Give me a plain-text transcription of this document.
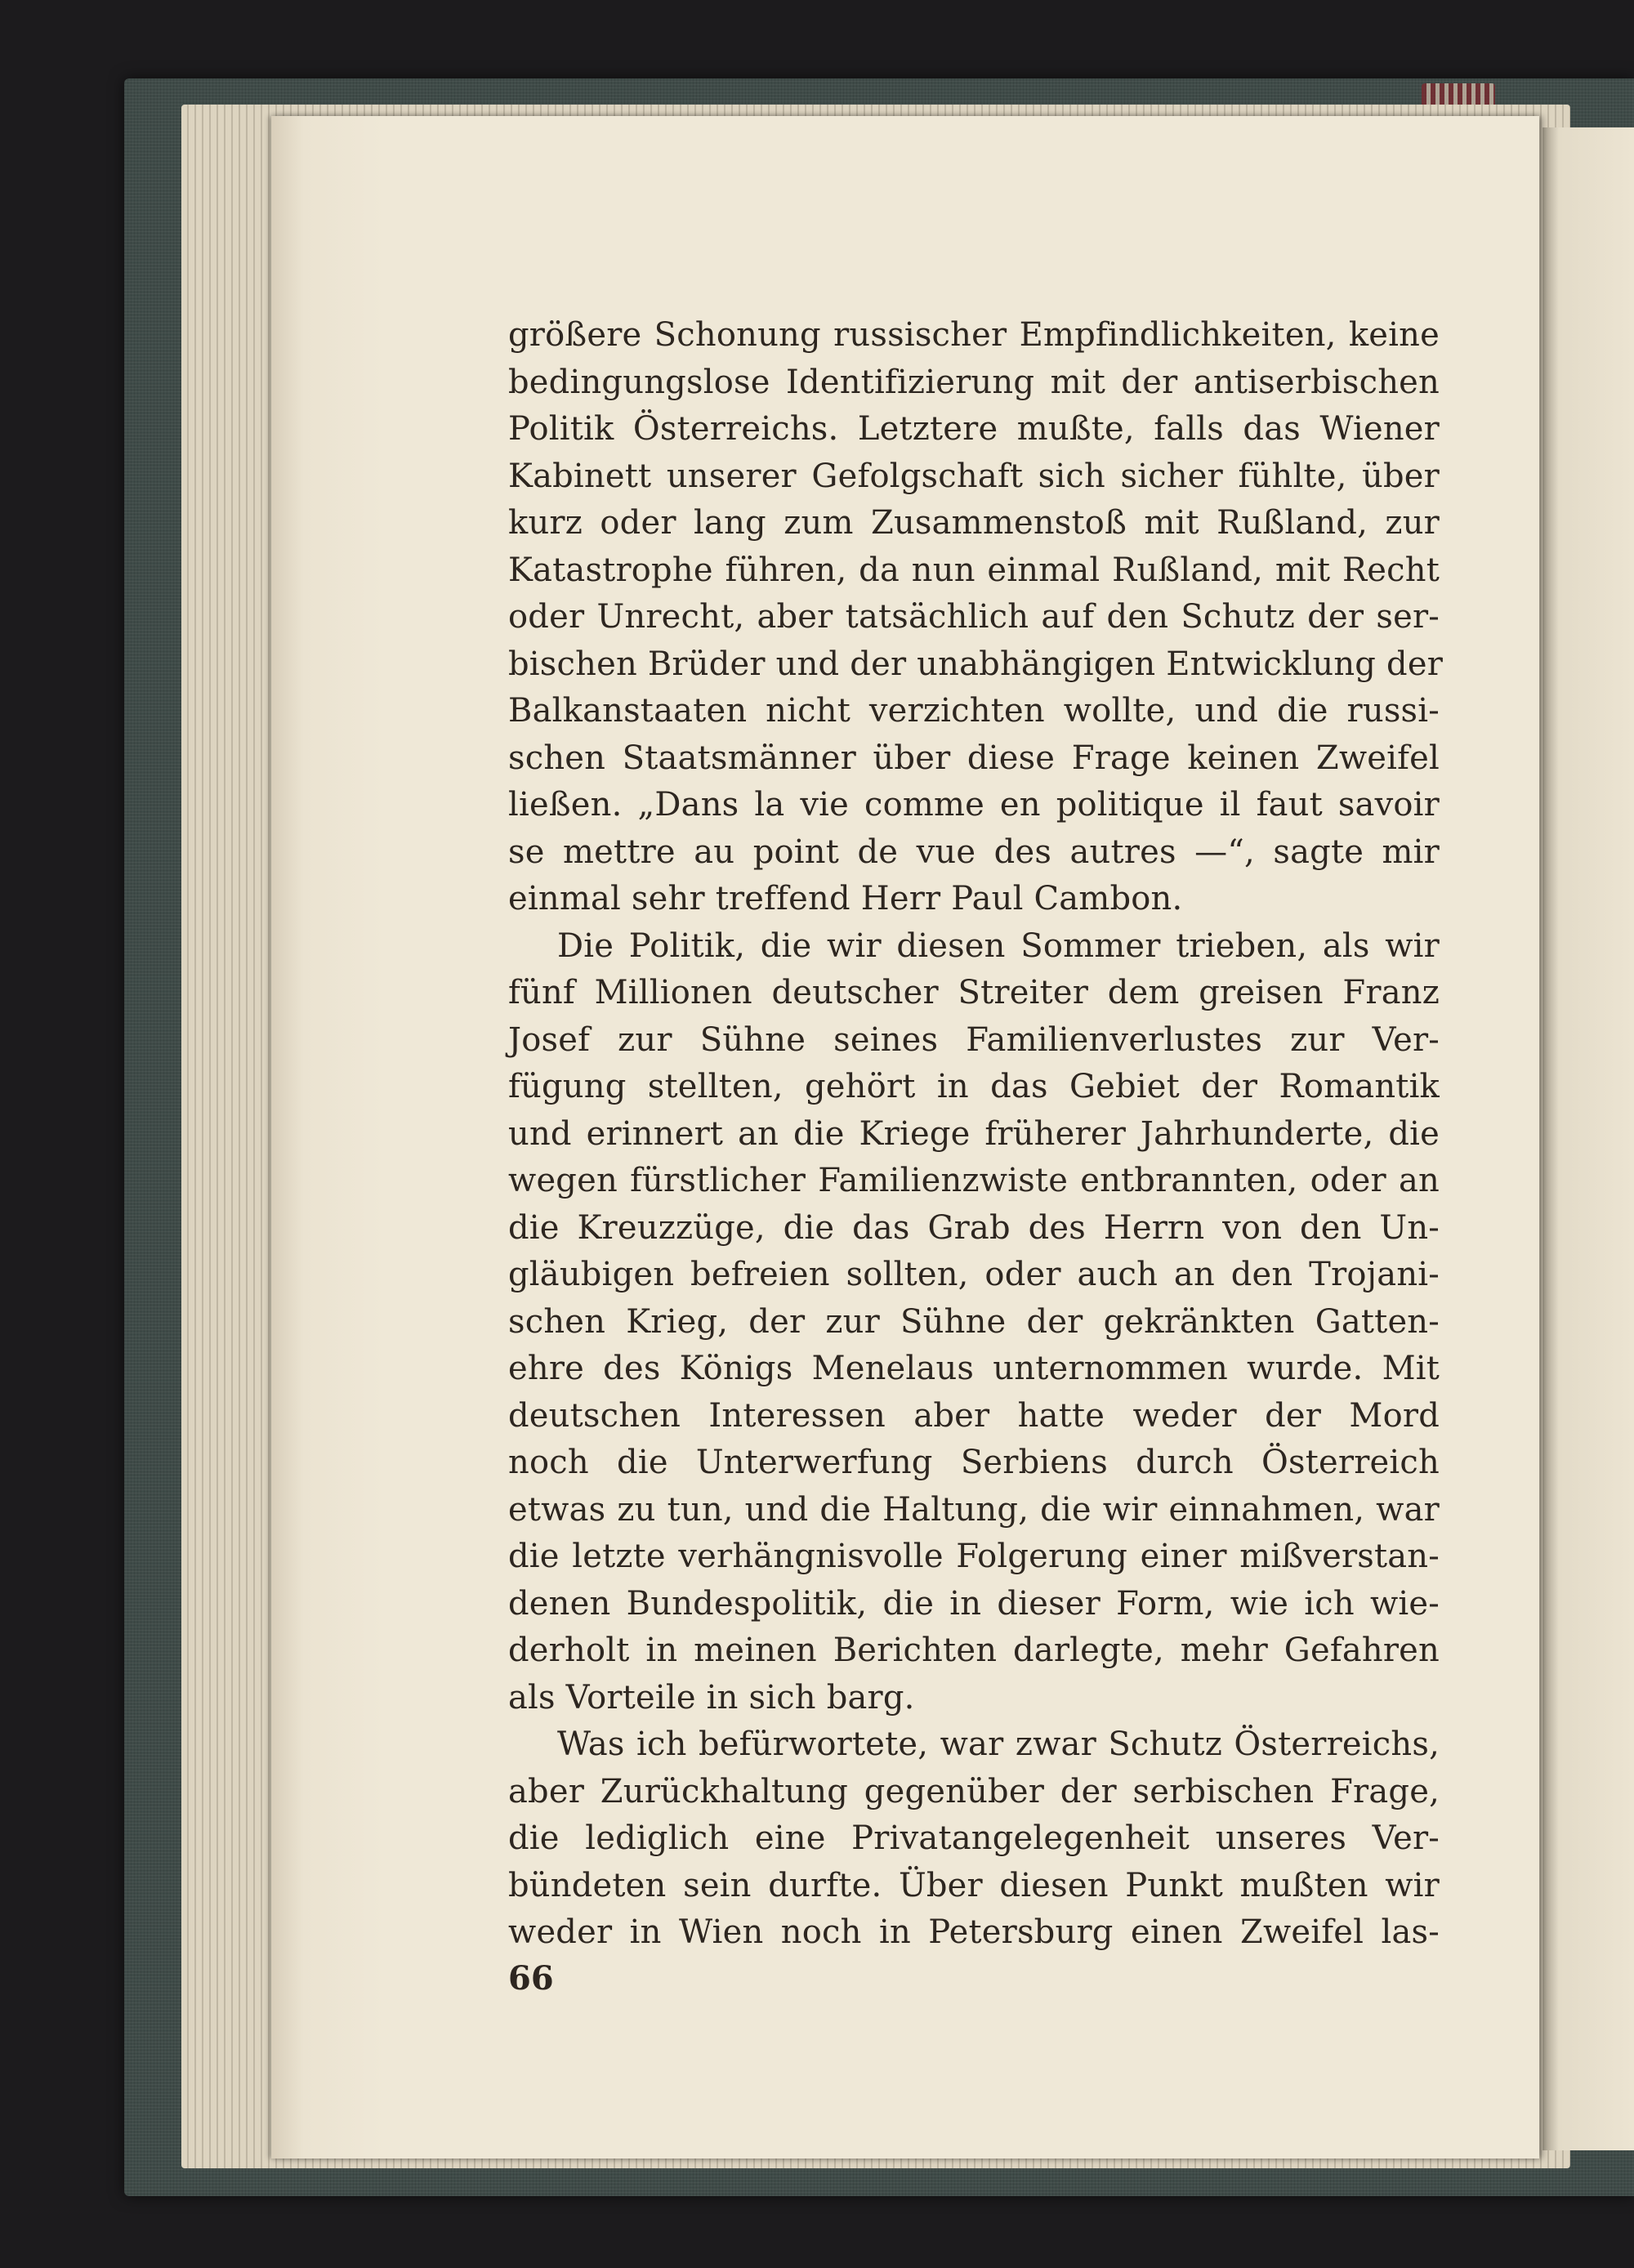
größere Schonung russischer Empfindlichkeiten, keine
bedingungslose Identifizierung mit der antiserbischen
Politik Österreichs. Letztere mußte, falls das Wiener
Kabinett unserer Gefolgschaft sich sicher fühlte, über
kurz oder lang zum Zusammenstoß mit Rußland, zur
Katastrophe führen, da nun einmal Rußland, mit Recht
oder Unrecht, aber tatsächlich auf den Schutz der ser-
bischen Brüder und der unabhängigen Entwicklung der
Balkanstaaten nicht verzichten wollte, und die russi-
schen Staatsmänner über diese Frage keinen Zweifel
ließen. „Dans la vie comme en politique il faut savoir
se mettre au point de vue des autres —“, sagte mir
einmal sehr treffend Herr Paul Cambon.
Die Politik, die wir diesen Sommer trieben, als wir
fünf Millionen deutscher Streiter dem greisen Franz
Josef zur Sühne seines Familienverlustes zur Ver-
fügung stellten, gehört in das Gebiet der Romantik
und erinnert an die Kriege früherer Jahrhunderte, die
wegen fürstlicher Familienzwiste entbrannten, oder an
die Kreuzzüge, die das Grab des Herrn von den Un-
gläubigen befreien sollten, oder auch an den Trojani-
schen Krieg, der zur Sühne der gekränkten Gatten-
ehre des Königs Menelaus unternommen wurde. Mit
deutschen Interessen aber hatte weder der Mord
noch die Unterwerfung Serbiens durch Österreich
etwas zu tun, und die Haltung, die wir einnahmen, war
die letzte verhängnisvolle Folgerung einer mißverstan-
denen Bundespolitik, die in dieser Form, wie ich wie-
derholt in meinen Berichten darlegte, mehr Gefahren
als Vorteile in sich barg.
Was ich befürwortete, war zwar Schutz Österreichs,
aber Zurückhaltung gegenüber der serbischen Frage,
die lediglich eine Privatangelegenheit unseres Ver-
bündeten sein durfte. Über diesen Punkt mußten wir
weder in Wien noch in Petersburg einen Zweifel las-
66
